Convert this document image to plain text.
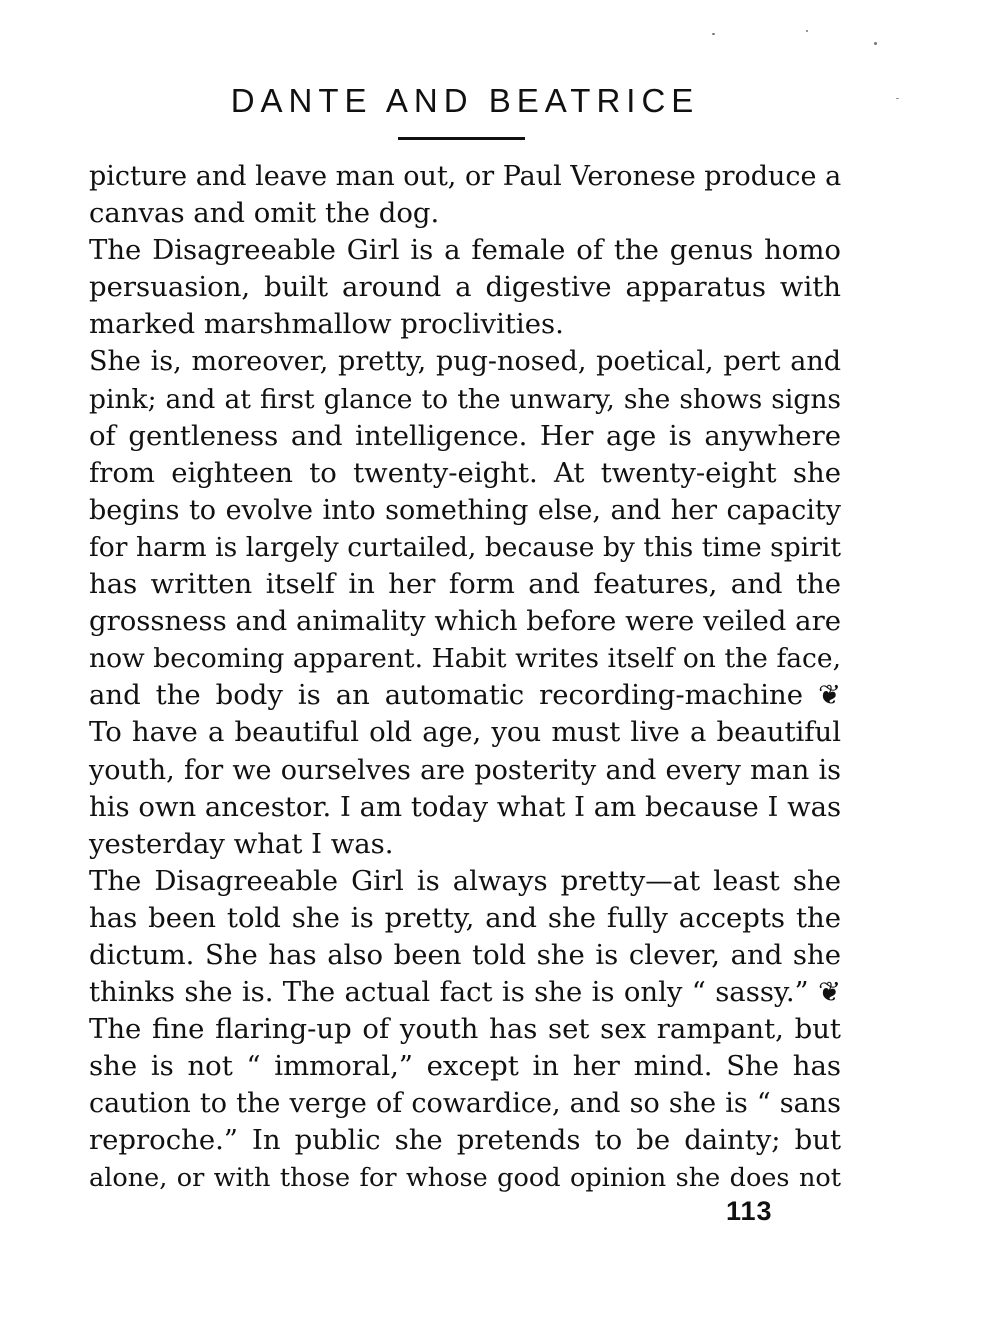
DANTE AND BEATRICE
picture and leave man out, or Paul Veronese produce a
canvas and omit the dog.
The Disagreeable Girl is a female of the genus homo
persuasion, built around a digestive apparatus with
marked marshmallow proclivities.
She is, moreover, pretty, pug-nosed, poetical, pert and
pink; and at first glance to the unwary, she shows signs
of gentleness and intelligence. Her age is anywhere
from eighteen to twenty-eight. At twenty-eight she
begins to evolve into something else, and her capacity
for harm is largely curtailed, because by this time spirit
has written itself in her form and features, and the
grossness and animality which before were veiled are
now becoming apparent. Habit writes itself on the face,
and the body is an automatic recording-machine ❦
To have a beautiful old age, you must live a beautiful
youth, for we ourselves are posterity and every man is
his own ancestor. I am today what I am because I was
yesterday what I was.
The Disagreeable Girl is always pretty—at least she
has been told she is pretty, and she fully accepts the
dictum. She has also been told she is clever, and she
thinks she is. The actual fact is she is only “ sassy.” ❦
The fine flaring-up of youth has set sex rampant, but
she is not “ immoral,” except in her mind. She has
caution to the verge of cowardice, and so she is “ sans
reproche.” In public she pretends to be dainty; but
alone, or with those for whose good opinion she does not
113
